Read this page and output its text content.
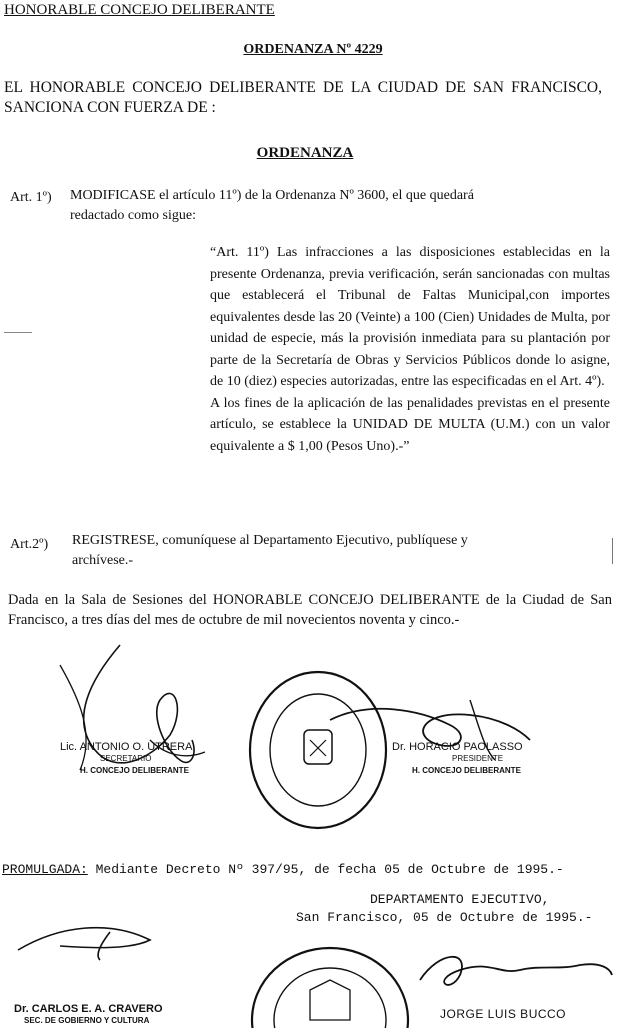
HONORABLE CONCEJO DELIBERANTE
ORDENANZA Nº 4229
EL HONORABLE CONCEJO DELIBERANTE DE LA CIUDAD DE SAN FRANCISCO, SANCIONA CON FUERZA DE :
ORDENANZA
Art. 1º) MODIFICASE el artículo 11º) de la Ordenanza Nº 3600, el que quedará
redactado como sigue:
“Art. 11º) Las infracciones a las disposiciones establecidas en la presente Ordenanza, previa verificación, serán sancionadas con multas que establecerá el Tribunal de Faltas Municipal,con importes equivalentes desde las 20 (Veinte) a 100 (Cien) Unidades de Multa, por unidad de especie, más la provisión inmediata para su plantación por parte de la Secretaría de Obras y Servicios Públicos donde lo asigne, de 10 (diez) especies autorizadas, entre las especificadas en el Art. 4º).
A los fines de la aplicación de las penalidades previstas en el presente artículo, se establece la UNIDAD DE MULTA (U.M.) con un valor equivalente a $ 1,00 (Pesos Uno).-”
Art.2º) REGISTRESE, comuníquese al Departamento Ejecutivo, publíquese y
archívese.-
Dada en la Sala de Sesiones del HONORABLE CONCEJO DELIBERANTE de la Ciudad de San Francisco, a tres días del mes de octubre de mil novecientos noventa y cinco.-
Lic. ANTONIO O. UTRERA
SECRETARIO
H. CONCEJO DELIBERANTE
Dr. HORACIO PAOLASSO
PRESIDENTE
H. CONCEJO DELIBERANTE
PROMULGADA: Mediante Decreto Nº 397/95, de fecha 05 de Octubre de 1995.-
DEPARTAMENTO EJECUTIVO,
San Francisco, 05 de Octubre de 1995.-
Dr. CARLOS E. A. CRAVERO
SEC. DE GOBIERNO Y CULTURA	JORGE LUIS BUCCO
